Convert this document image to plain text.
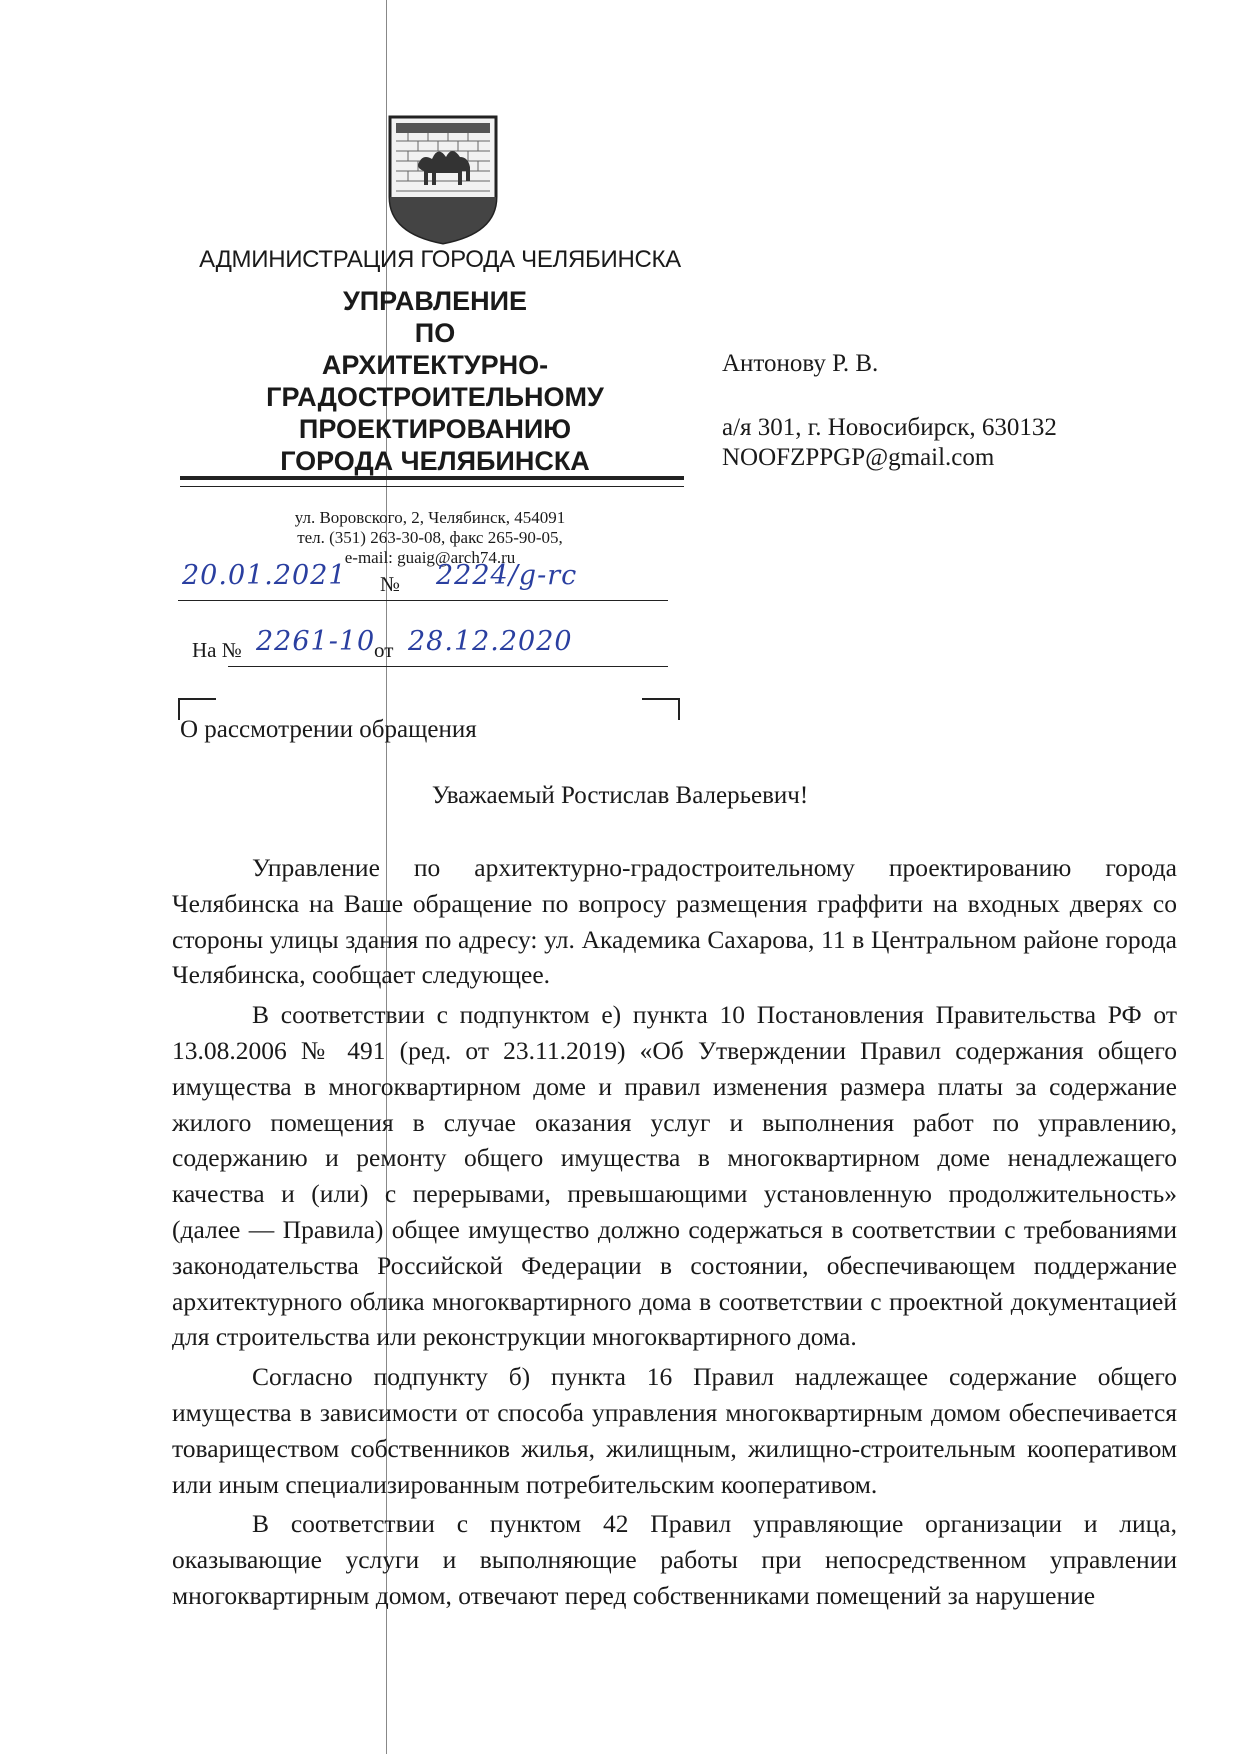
АДМИНИСТРАЦИЯ ГОРОДА ЧЕЛЯБИНСКА
УПРАВЛЕНИЕ
ПО
АРХИТЕКТУРНО-
ГРАДОСТРОИТЕЛЬНОМУ
ПРОЕКТИРОВАНИЮ
ГОРОДА ЧЕЛЯБИНСКА
ул. Воровского, 2, Челябинск, 454091
тел. (351) 263-30-08, факс 265-90-05,
e-mail: guaig@arch74.ru
20.01.2021 № 2224/g-rc
На № 2261-10
от 28.12.2020
Антонову Р. В.
а/я 301, г. Новосибирск, 630132
NOOFZPPGP@gmail.com
О рассмотрении обращения
Уважаемый Ростислав Валерьевич!

Управление по архитектурно-градостроительному проектированию города Челябинска на Ваше обращение по вопросу размещения граффити на входных дверях со стороны улицы здания по адресу: ул. Академика Сахарова, 11 в Центральном районе города Челябинска, сообщает следующее.

В соответствии с подпунктом е) пункта 10 Постановления Правительства РФ от 13.08.2006 № 491 (ред. от 23.11.2019) «Об Утверждении Правил содержания общего имущества в многоквартирном доме и правил изменения размера платы за содержание жилого помещения в случае оказания услуг и выполнения работ по управлению, содержанию и ремонту общего имущества в многоквартирном доме ненадлежащего качества и (или) с перерывами, превышающими установленную продолжительность» (далее — Правила) общее имущество должно содержаться в соответствии с требованиями законодательства Российской Федерации в состоянии, обеспечивающем поддержание архитектурного облика многоквартирного дома в соответствии с проектной документацией для строительства или реконструкции многоквартирного дома.

Согласно подпункту б) пункта 16 Правил надлежащее содержание общего имущества в зависимости от способа управления многоквартирным домом обеспечивается товариществом собственников жилья, жилищным, жилищно-строительным кооперативом или иным специализированным потребительским кооперативом.

В соответствии с пунктом 42 Правил управляющие организации и лица, оказывающие услуги и выполняющие работы при непосредственном управлении многоквартирным домом, отвечают перед собственниками помещений за нарушение
